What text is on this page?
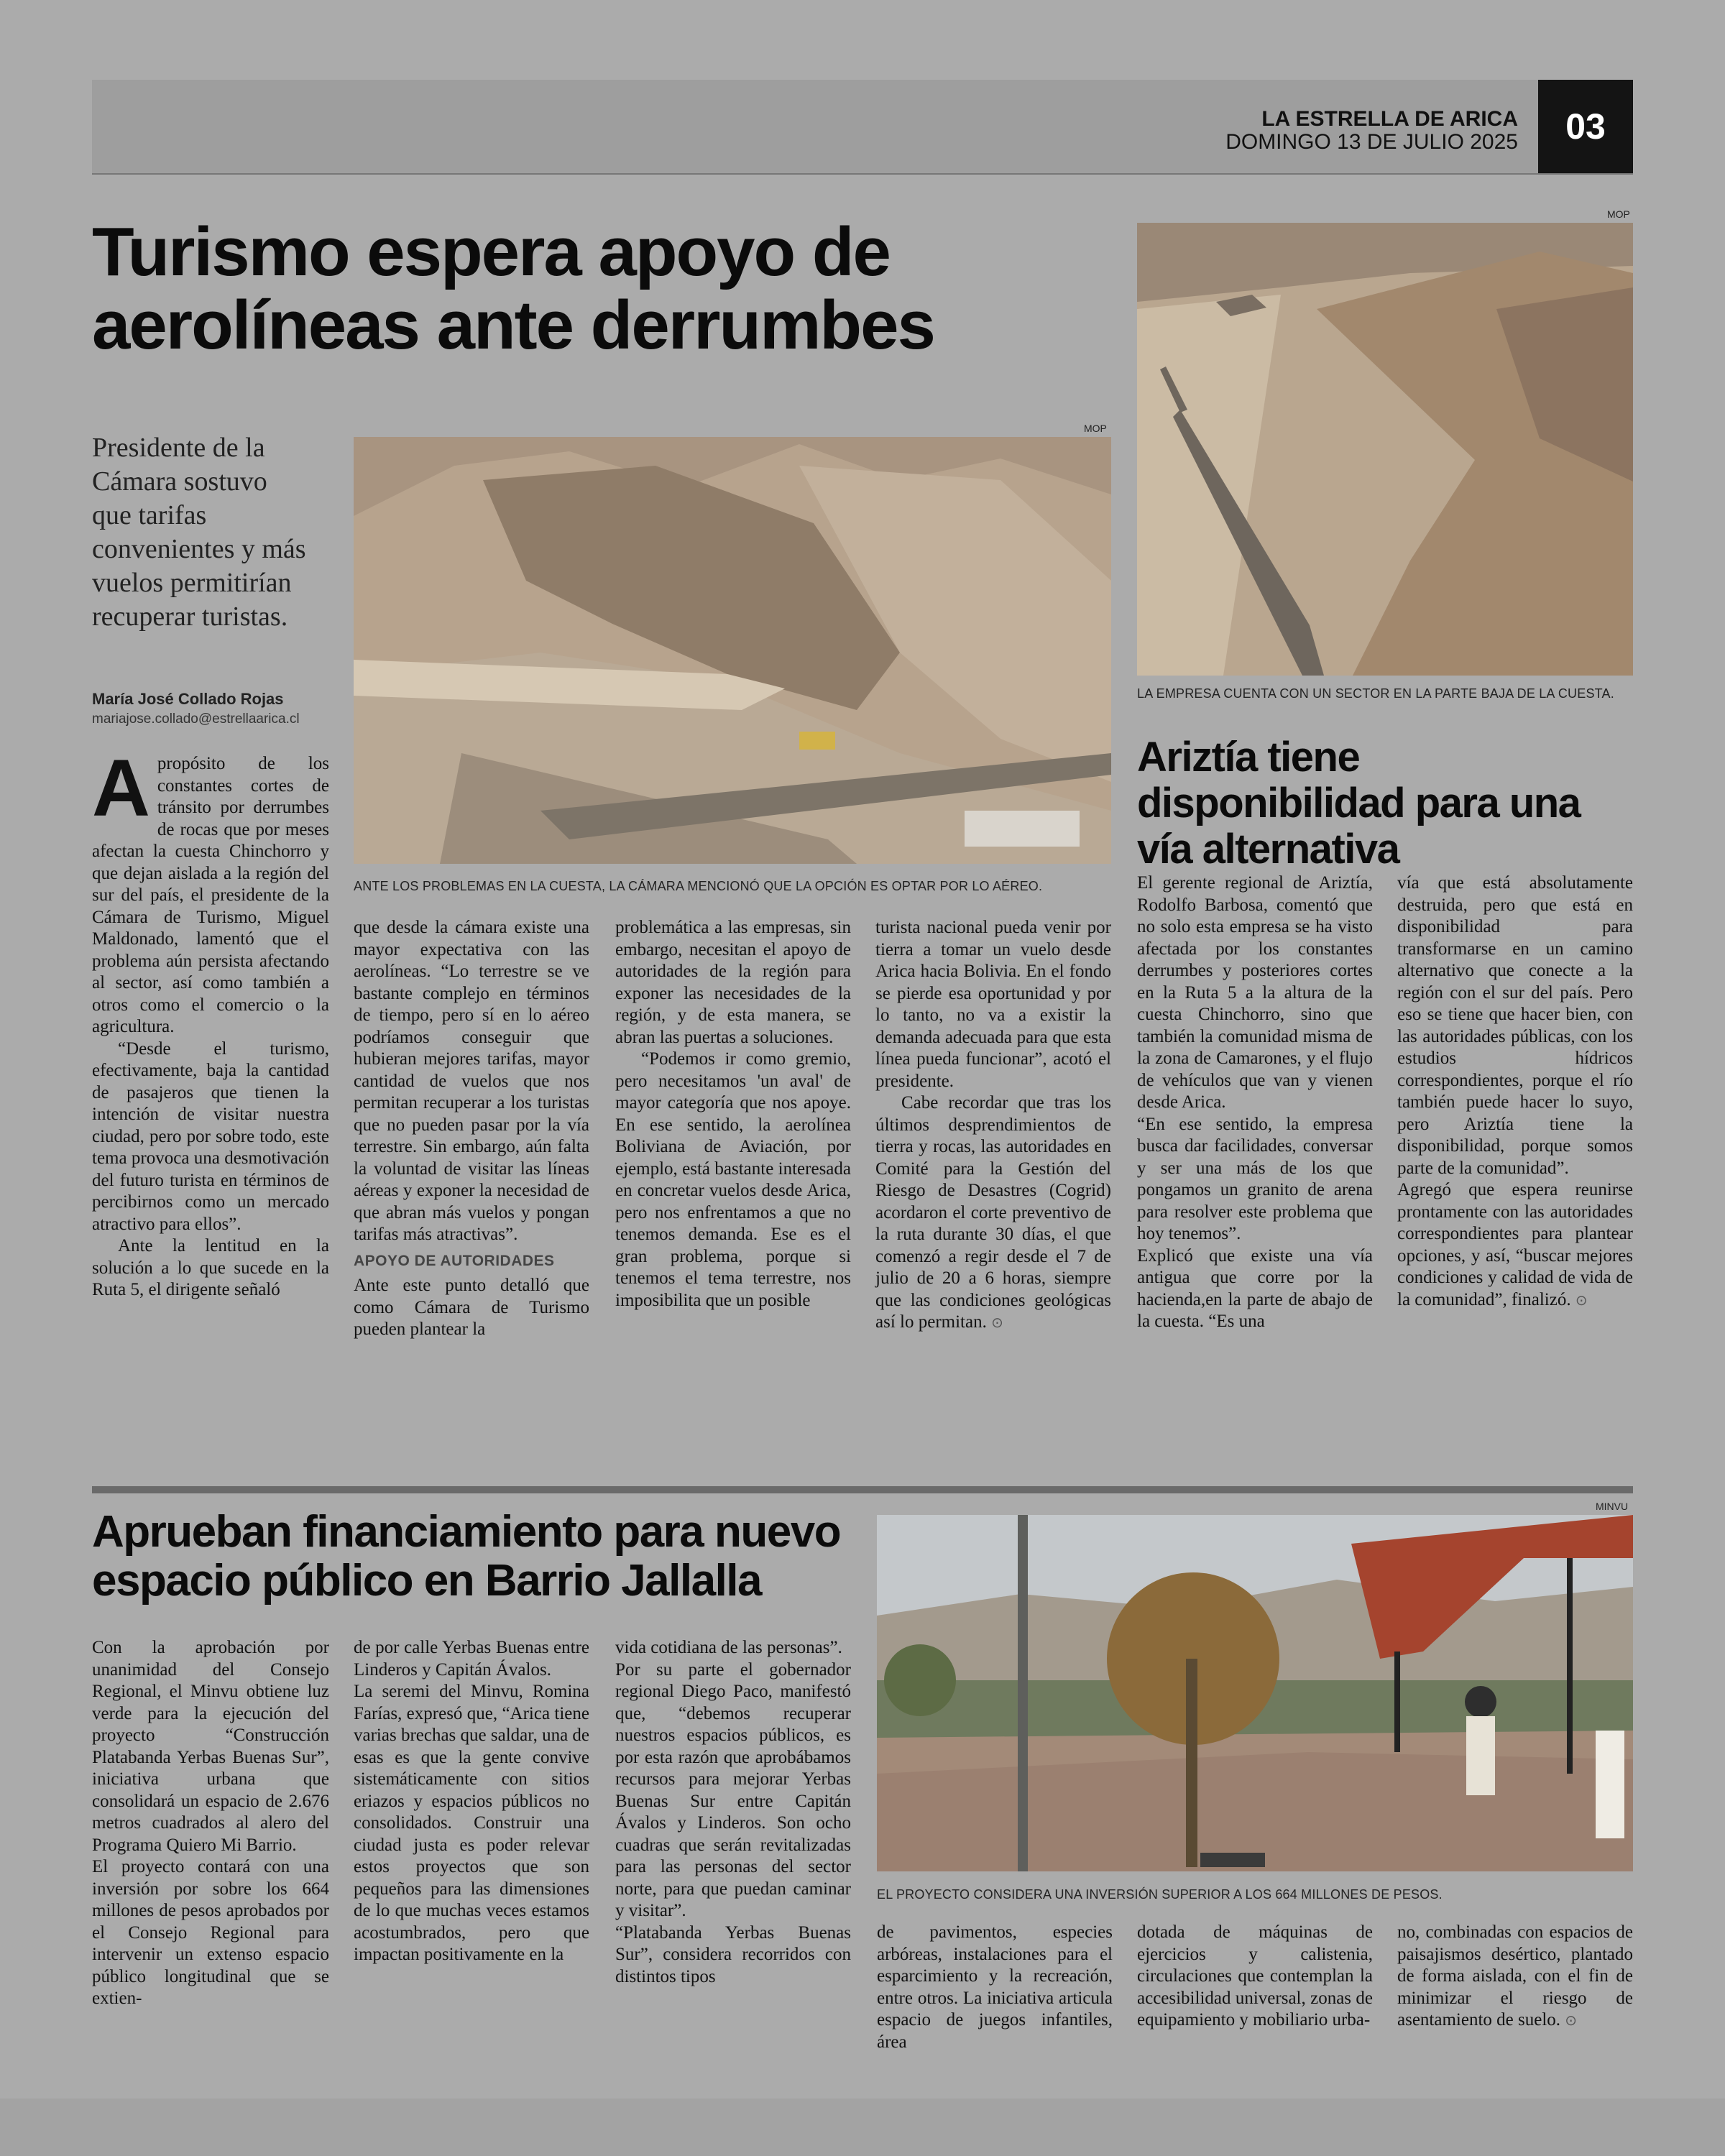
LA ESTRELLA DE ARICA
DOMINGO 13 DE JULIO 2025	03
Turismo espera apoyo de aerolíneas ante derrumbes
Presidente de la Cámara sostuvo que tarifas convenientes y más vuelos permitirían recuperar turistas.
María José Collado Rojas
mariajose.collado@estrellaarica.cl
MOP
ANTE LOS PROBLEMAS EN LA CUESTA, LA CÁMARA MENCIONÓ QUE LA OPCIÓN ES OPTAR POR LO AÉREO.
A propósito de los constantes cortes de tránsito por derrumbes de rocas que por meses afectan la cuesta Chinchorro y que dejan aislada a la región del sur del país, el presidente de la Cámara de Turismo, Miguel Maldonado, lamentó que el problema aún persista afectando al sector, así como también a otros como el comercio o la agricultura.

“Desde el turismo, efectivamente, baja la cantidad de pasajeros que tienen la intención de visitar nuestra ciudad, pero por sobre todo, este tema provoca una desmotivación del futuro turista en términos de percibirnos como un mercado atractivo para ellos”.

Ante la lentitud en la solución a lo que sucede en la Ruta 5, el dirigente señaló

que desde la cámara existe una mayor expectativa con las aerolíneas. “Lo terrestre se ve bastante complejo en términos de tiempo, pero sí en lo aéreo podríamos conseguir que hubieran mejores tarifas, mayor cantidad de vuelos que nos permitan recuperar a los turistas que no pueden pasar por la vía terrestre. Sin embargo, aún falta la voluntad de visitar las líneas aéreas y exponer la necesidad de que abran más vuelos y pongan tarifas más atractivas”.

APOYO DE AUTORIDADES

Ante este punto detalló que como Cámara de Turismo pueden plantear la

problemática a las empresas, sin embargo, necesitan el apoyo de autoridades de la región para exponer las necesidades de la región, y de esta manera, se abran las puertas a soluciones.

“Podemos ir como gremio, pero necesitamos 'un aval' de mayor categoría que nos apoye. En ese sentido, la aerolínea Boliviana de Aviación, por ejemplo, está bastante interesada en concretar vuelos desde Arica, pero nos enfrentamos a que no tenemos demanda. Ese es el gran problema, porque si tenemos el tema terrestre, nos imposibilita que un posible

turista nacional pueda venir por tierra a tomar un vuelo desde Arica hacia Bolivia. En el fondo se pierde esa oportunidad y por lo tanto, no va a existir la demanda adecuada para que esta línea pueda funcionar”, acotó el presidente.

Cabe recordar que tras los últimos desprendimientos de tierra y rocas, las autoridades en Comité para la Gestión del Riesgo de Desastres (Cogrid) acordaron el corte preventivo de la ruta durante 30 días, el que comenzó a regir desde el 7 de julio de 20 a 6 horas, siempre que las condiciones geológicas así lo permitan. ⊙

MOP
LA EMPRESA CUENTA CON UN SECTOR EN LA PARTE BAJA DE LA CUESTA.
Ariztía tiene disponibilidad para una vía alternativa

El gerente regional de Ariztía, Rodolfo Barbosa, comentó que no solo esta empresa se ha visto afectada por los constantes derrumbes y posteriores cortes en la Ruta 5 a la altura de la cuesta Chinchorro, sino que también la comunidad misma de la zona de Camarones, y el flujo de vehículos que van y vienen desde Arica.

“En ese sentido, la empresa busca dar facilidades, conversar y ser una más de los que pongamos un granito de arena para resolver este problema que hoy tenemos”.

Explicó que existe una vía antigua que corre por la hacienda,en la parte de abajo de la cuesta. “Es una

vía que está absolutamente destruida, pero que está en disponibilidad para transformarse en un camino alternativo que conecte a la región con el sur del país. Pero eso se tiene que hacer bien, con las autoridades públicas, con los estudios hídricos correspondientes, porque el río también puede hacer lo suyo, pero Ariztía tiene la disponibilidad, porque somos parte de la comunidad”.

Agregó que espera reunirse prontamente con las autoridades correspondientes para plantear opciones, y así, “buscar mejores condiciones y calidad de vida de la comunidad”, finalizó. ⊙

Aprueban financiamiento para nuevo espacio público en Barrio Jallalla
MINVU
EL PROYECTO CONSIDERA UNA INVERSIÓN SUPERIOR A LOS 664 MILLONES DE PESOS.

Con la aprobación por unanimidad del Consejo Regional, el Minvu obtiene luz verde para la ejecución del proyecto “Construcción Platabanda Yerbas Buenas Sur”, iniciativa urbana que consolidará un espacio de 2.676 metros cuadrados al alero del Programa Quiero Mi Barrio.

El proyecto contará con una inversión por sobre los 664 millones de pesos aprobados por el Consejo Regional para intervenir un extenso espacio público longitudinal que se extien-

de por calle Yerbas Buenas entre Linderos y Capitán Ávalos.

La seremi del Minvu, Romina Farías, expresó que, “Arica tiene varias brechas que saldar, una de esas es que la gente convive sistemáticamente con sitios eriazos y espacios públicos no consolidados. Construir una ciudad justa es poder relevar estos proyectos que son pequeños para las dimensiones de lo que muchas veces estamos acostumbrados, pero que impactan positivamente en la

vida cotidiana de las personas”.

Por su parte el gobernador regional Diego Paco, manifestó que, “debemos recuperar nuestros espacios públicos, es por esta razón que aprobábamos recursos para mejorar Yerbas Buenas Sur entre Capitán Ávalos y Linderos. Son ocho cuadras que serán revitalizadas para las personas del sector norte, para que puedan caminar y visitar”.

“Platabanda Yerbas Buenas Sur”, considera recorridos con distintos tipos

de pavimentos, especies arbóreas, instalaciones para el esparcimiento y la recreación, entre otros. La iniciativa articula espacio de juegos infantiles, área

dotada de máquinas de ejercicios y calistenia, circulaciones que contemplan la accesibilidad universal, zonas de equipamiento y mobiliario urba-

no, combinadas con espacios de paisajismos desértico, plantado de forma aislada, con el fin de minimizar el riesgo de asentamiento de suelo. ⊙
